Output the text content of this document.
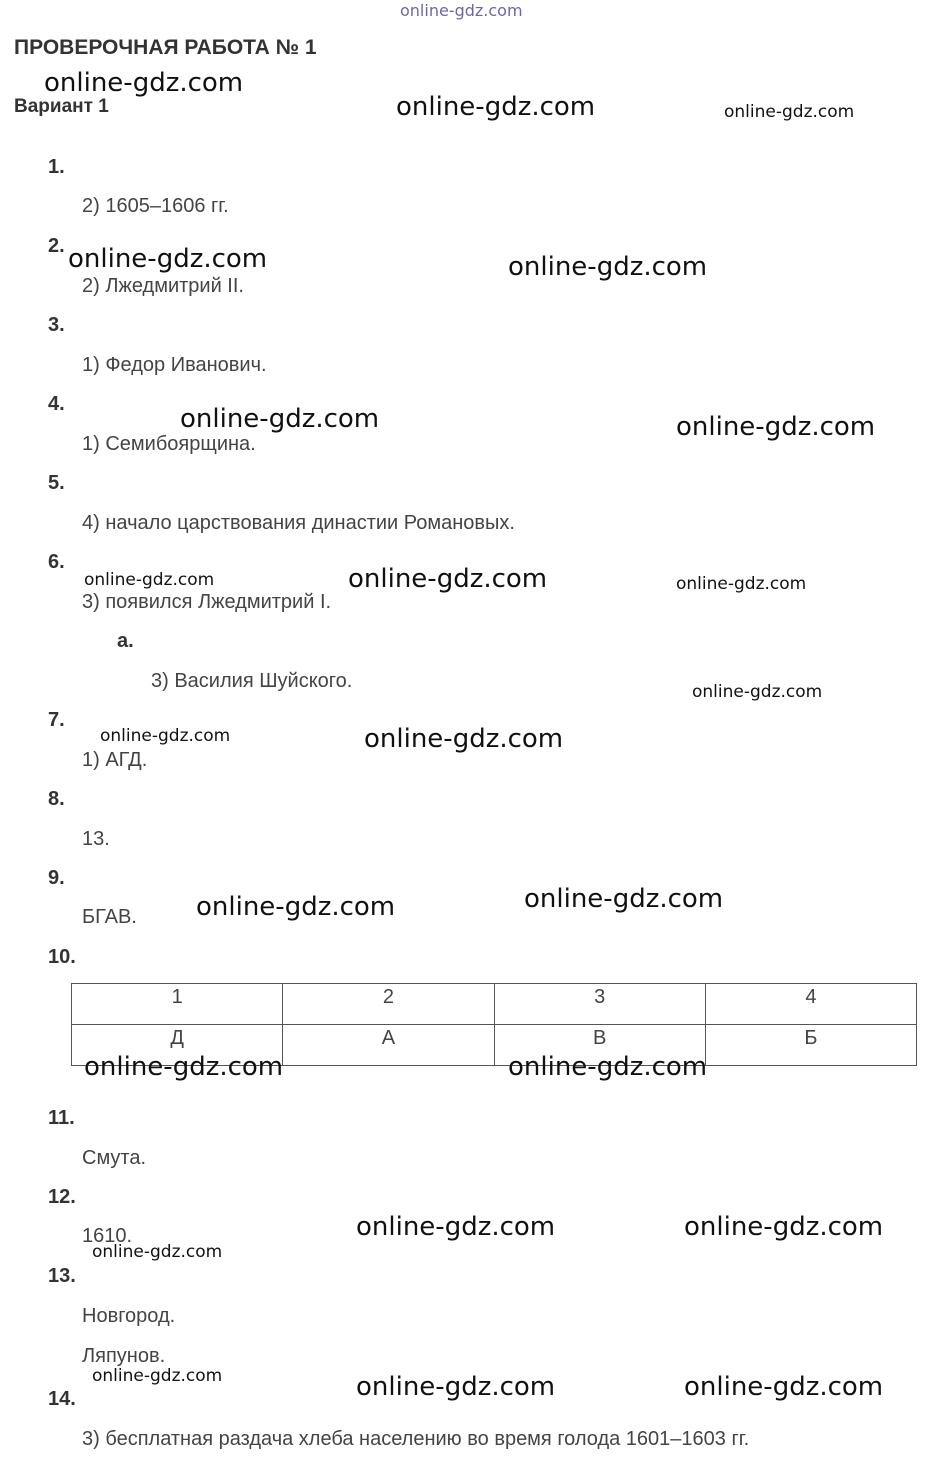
online-gdz.com
ПРОВЕРОЧНАЯ РАБОТА № 1
Вариант 1
1.
2) 1605–1606 гг.
2.
2) Лжедмитрий II.
3.
1) Федор Иванович.
4.
1) Семибоярщина.
5.
4) начало царствования династии Романовых.
6.
3) появился Лжедмитрий I.
а.
3) Василия Шуйского.
7.
1) АГД.
8.
13.
9.
БГАВ.
10.
1	2	3	4
Д	А	В	Б
11.
Смута.
12.
1610.
13.
Новгород.
Ляпунов.
14.
3) бесплатная раздача хлеба населению во время голода 1601–1603 гг.
online-gdz.com
online-gdz.com	online-gdz.com
online-gdz.com	online-gdz.com
online-gdz.com	online-gdz.com
online-gdz.com	online-gdz.com	online-gdz.com
online-gdz.com
online-gdz.com	online-gdz.com
online-gdz.com
online-gdz.com
online-gdz.com	online-gdz.com
online-gdz.com	online-gdz.com
online-gdz.com
online-gdz.com	online-gdz.com	online-gdz.com
